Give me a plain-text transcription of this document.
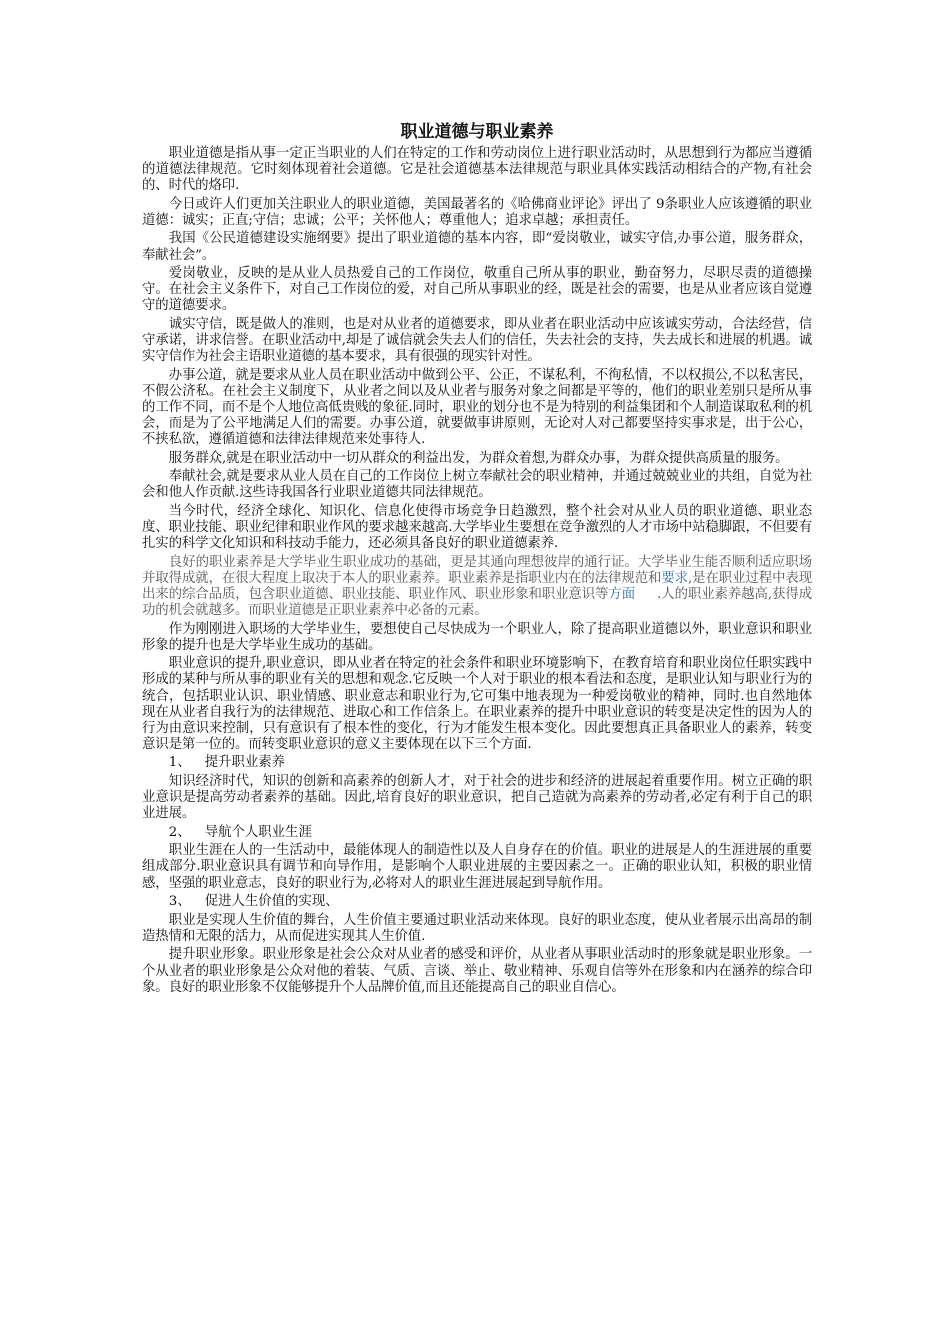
职业道德与职业素养

职业道德是指从事一定正当职业的人们在特定的工作和劳动岗位上进行职业活动时，从思想到行为都应当遵循的道德法律规范。它时刻体现着社会道德。它是社会道德基本法律规范与职业具体实践活动相结合的产物,有社会的、时代的烙印.

今日或许人们更加关注职业人的职业道德，美国最著名的《哈佛商业评论》评出了 9条职业人应该遵循的职业道德：诚实；正直;守信；忠诚；公平；关怀他人；尊重他人；追求卓越；承担责任。

我国《公民道德建设实施纲要》提出了职业道德的基本内容，即“爱岗敬业，诚实守信,办事公道，服务群众，奉献社会”。

爱岗敬业，反映的是从业人员热爱自己的工作岗位，敬重自己所从事的职业，勤奋努力，尽职尽责的道德操守。在社会主义条件下，对自己工作岗位的爱，对自己所从事职业的经，既是社会的需要，也是从业者应该自觉遵守的道德要求。

诚实守信，既是做人的准则，也是对从业者的道德要求，即从业者在职业活动中应该诚实劳动，合法经营，信守承诺，讲求信誉。在职业活动中,却是了诚信就会失去人们的信任，失去社会的支持，失去成长和进展的机遇。诚实守信作为社会主语职业道德的基本要求，具有很强的现实针对性。

办事公道，就是要求从业人员在职业活动中做到公平、公正，不谋私利，不徇私情，不以权损公,不以私害民，不假公济私。在社会主义制度下，从业者之间以及从业者与服务对象之间都是平等的，他们的职业差别只是所从事的工作不同，而不是个人地位高低贵贱的象征.同时，职业的划分也不是为特别的利益集团和个人制造谋取私利的机会，而是为了公平地满足人们的需要。办事公道，就要做事讲原则，无论对人对己都要坚持实事求是，出于公心，不挟私欲，遵循道德和法律法律规范来处事待人.

服务群众,就是在职业活动中一切从群众的利益出发，为群众着想,为群众办事，为群众提供高质量的服务。

奉献社会,就是要求从业人员在自己的工作岗位上树立奉献社会的职业精神，并通过兢兢业业的共组，自觉为社会和他人作贡献.这些诗我国各行业职业道德共同法律规范。

当今时代，经济全球化、知识化、信息化使得市场竞争日趋激烈，整个社会对从业人员的职业道德、职业态度、职业技能、职业纪律和职业作风的要求越来越高.大学毕业生要想在竞争激烈的人才市场中站稳脚跟，不但要有扎实的科学文化知识和科技动手能力，还必须具备良好的职业道德素养.

良好的职业素养是大学毕业生职业成功的基础，更是其通向理想彼岸的通行证。大学毕业生能否顺利适应职场并取得成就，在很大程度上取决于本人的职业素养。职业素养是指职业内在的法律规范和要求,是在职业过程中表现出来的综合品质，包含职业道德、职业技能、职业作风、职业形象和职业意识等方面 .人的职业素养越高,获得成功的机会就越多。而职业道德是正职业素养中必备的元素。

作为刚刚进入职场的大学毕业生，要想使自己尽快成为一个职业人，除了提高职业道德以外，职业意识和职业形象的提升也是大学毕业生成功的基础。

职业意识的提升,职业意识，即从业者在特定的社会条件和职业环境影响下，在教育培育和职业岗位任职实践中形成的某种与所从事的职业有关的思想和观念.它反映一个人对于职业的根本看法和态度，是职业认知与职业行为的统合，包括职业认识、职业情感、职业意志和职业行为,它可集中地表现为一种爱岗敬业的精神，同时.也自然地体现在从业者自我行为的法律规范、进取心和工作信条上。在职业素养的提升中职业意识的转变是决定性的因为人的行为由意识来控制，只有意识有了根本性的变化，行为才能发生根本变化。因此要想真正具备职业人的素养，转变意识是第一位的。而转变职业意识的意义主要体现在以下三个方面.

1、 提升职业素养

知识经济时代，知识的创新和高素养的创新人才，对于社会的进步和经济的进展起着重要作用。树立正确的职业意识是提高劳动者素养的基础。因此,培育良好的职业意识，把自己造就为高素养的劳动者,必定有利于自己的职业进展。

2、 导航个人职业生涯

职业生涯在人的一生活动中，最能体现人的制造性以及人自身存在的价值。职业的进展是人的生涯进展的重要组成部分.职业意识具有调节和向导作用，是影响个人职业进展的主要因素之一。正确的职业认知，积极的职业情感，坚强的职业意志，良好的职业行为,必将对人的职业生涯进展起到导航作用。

3、 促进人生价值的实现、

职业是实现人生价值的舞台，人生价值主要通过职业活动来体现。良好的职业态度，使从业者展示出高昂的制造热情和无限的活力，从而促进实现其人生价值.

提升职业形象。职业形象是社会公众对从业者的感受和评价，从业者从事职业活动时的形象就是职业形象。一个从业者的职业形象是公众对他的着装、气质、言谈、举止、敬业精神、乐观自信等外在形象和内在涵养的综合印象。良好的职业形象不仅能够提升个人品牌价值,而且还能提高自己的职业自信心。
